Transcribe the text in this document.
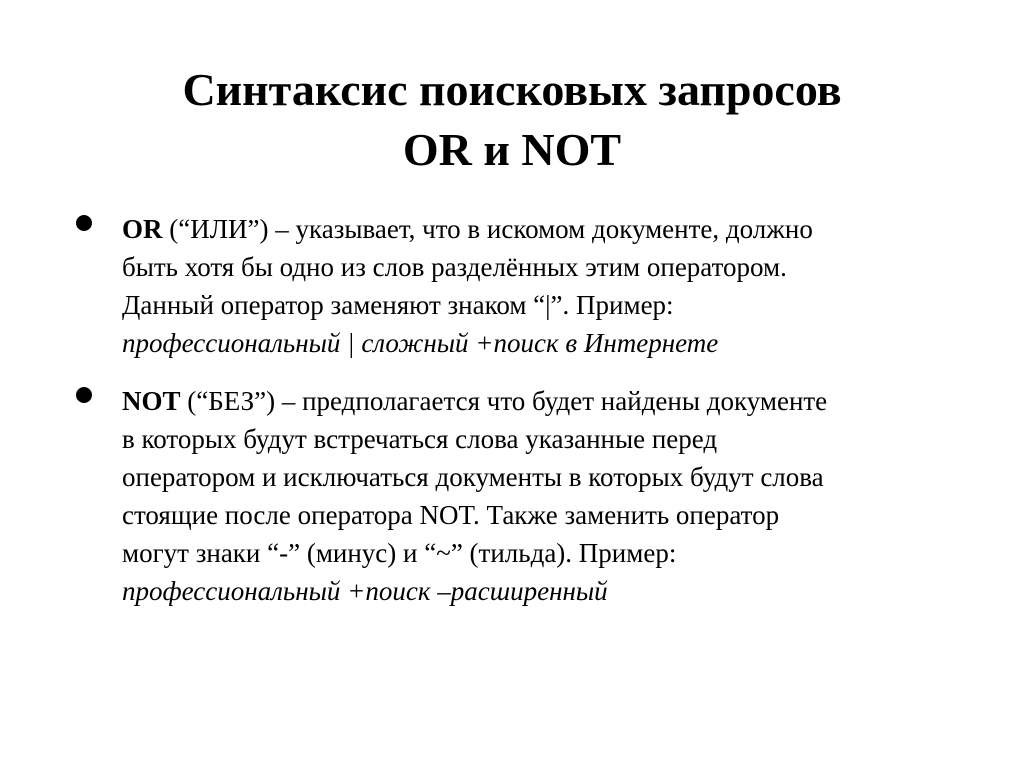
Синтаксис поисковых запросов
OR и NOT
OR (“ИЛИ”) – указывает, что в искомом документе, должно
быть хотя бы одно из слов разделённых этим оператором.
Данный оператор заменяют знаком “|”. Пример:
профессиональный | сложный +поиск в Интернете
NOT (“БЕЗ”) – предполагается что будет найдены документе
в которых будут встречаться слова указанные перед
оператором и исключаться документы в которых будут слова
стоящие после оператора NOT. Также заменить оператор
могут знаки “-” (минус) и “~” (тильда). Пример:
профессиональный +поиск –расширенный
